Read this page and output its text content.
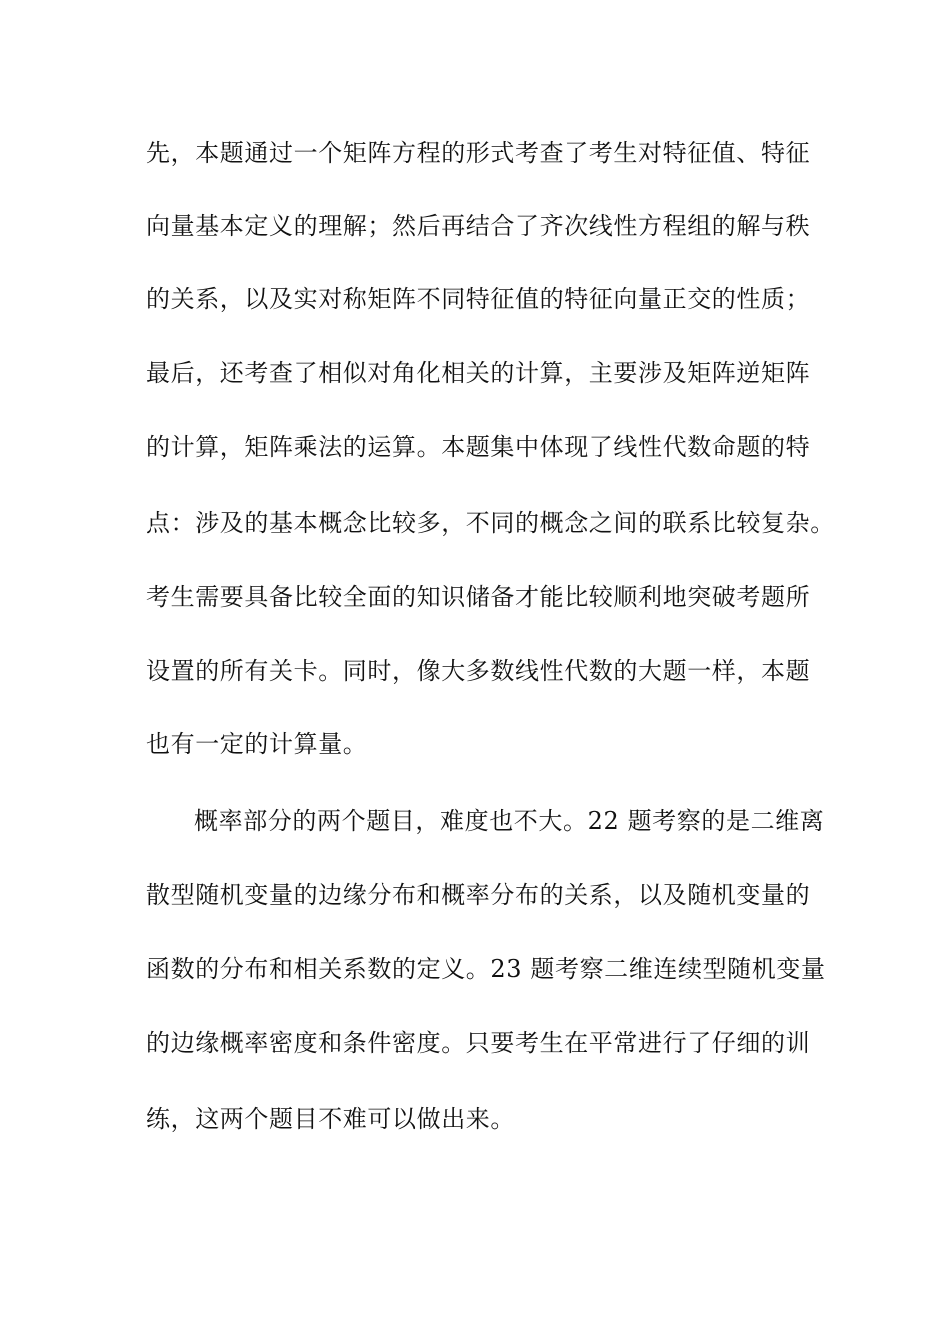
先，本题通过一个矩阵方程的形式考查了考生对特征值、特征
向量基本定义的理解；然后再结合了齐次线性方程组的解与秩
的关系，以及实对称矩阵不同特征值的特征向量正交的性质；
最后，还考查了相似对角化相关的计算，主要涉及矩阵逆矩阵
的计算，矩阵乘法的运算。本题集中体现了线性代数命题的特
点：涉及的基本概念比较多，不同的概念之间的联系比较复杂。
考生需要具备比较全面的知识储备才能比较顺利地突破考题所
设置的所有关卡。同时，像大多数线性代数的大题一样，本题
也有一定的计算量。
概率部分的两个题目，难度也不大。22 题考察的是二维离
散型随机变量的边缘分布和概率分布的关系，以及随机变量的
函数的分布和相关系数的定义。23 题考察二维连续型随机变量
的边缘概率密度和条件密度。只要考生在平常进行了仔细的训
练，这两个题目不难可以做出来。
